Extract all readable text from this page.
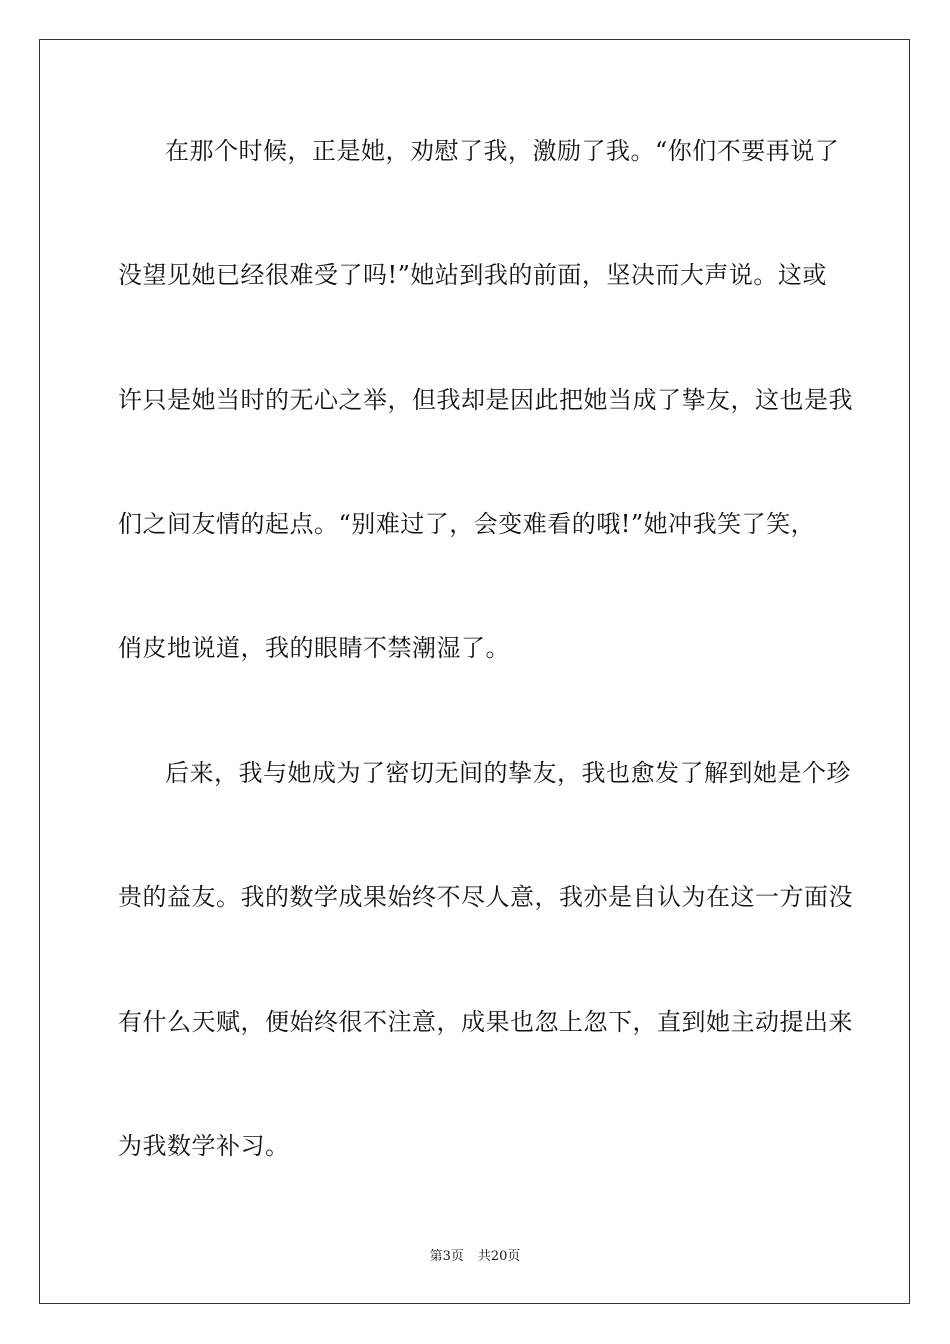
在那个时候，正是她，劝慰了我，激励了我。“你们不要再说了
没望见她已经很难受了吗!”她站到我的前面，坚决而大声说。这或
许只是她当时的无心之举，但我却是因此把她当成了挚友，这也是我
们之间友情的起点。“别难过了，会变难看的哦!”她冲我笑了笑，
俏皮地说道，我的眼睛不禁潮湿了。
后来，我与她成为了密切无间的挚友，我也愈发了解到她是个珍
贵的益友。我的数学成果始终不尽人意，我亦是自认为在这一方面没
有什么天赋，便始终很不注意，成果也忽上忽下，直到她主动提出来
为我数学补习。
第3页 共20页
